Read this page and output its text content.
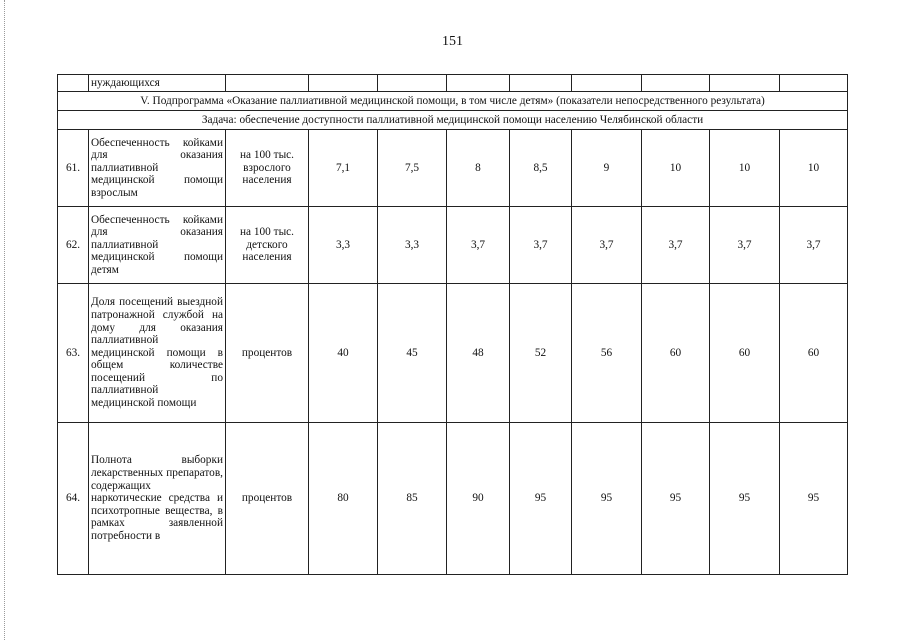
151
	нуждающихся									
V. Подпрограмма «Оказание паллиативной медицинской помощи, в том числе детям» (показатели непосредственного результата)										
Задача: обеспечение доступности паллиативной медицинской помощи населению Челябинской области										
61.	Обеспеченность койками для оказания паллиативной медицинской помощи взрослым	на 100 тыс. взрослого населения	7,1	7,5	8	8,5	9	10	10	10
62.	Обеспеченность койками для оказания паллиативной медицинской помощи детям	на 100 тыс. детского населения	3,3	3,3	3,7	3,7	3,7	3,7	3,7	3,7
63.	Доля посещений выездной патронажной службой на дому для оказания паллиативной медицинской помощи в общем количестве посещений по паллиативной медицинской помощи	процентов	40	45	48	52	56	60	60	60
64.	Полнота выборки лекарственных препаратов, содержащих наркотические средства и психотропные вещества, в рамках заявленной потребности в	процентов	80	85	90	95	95	95	95	95
